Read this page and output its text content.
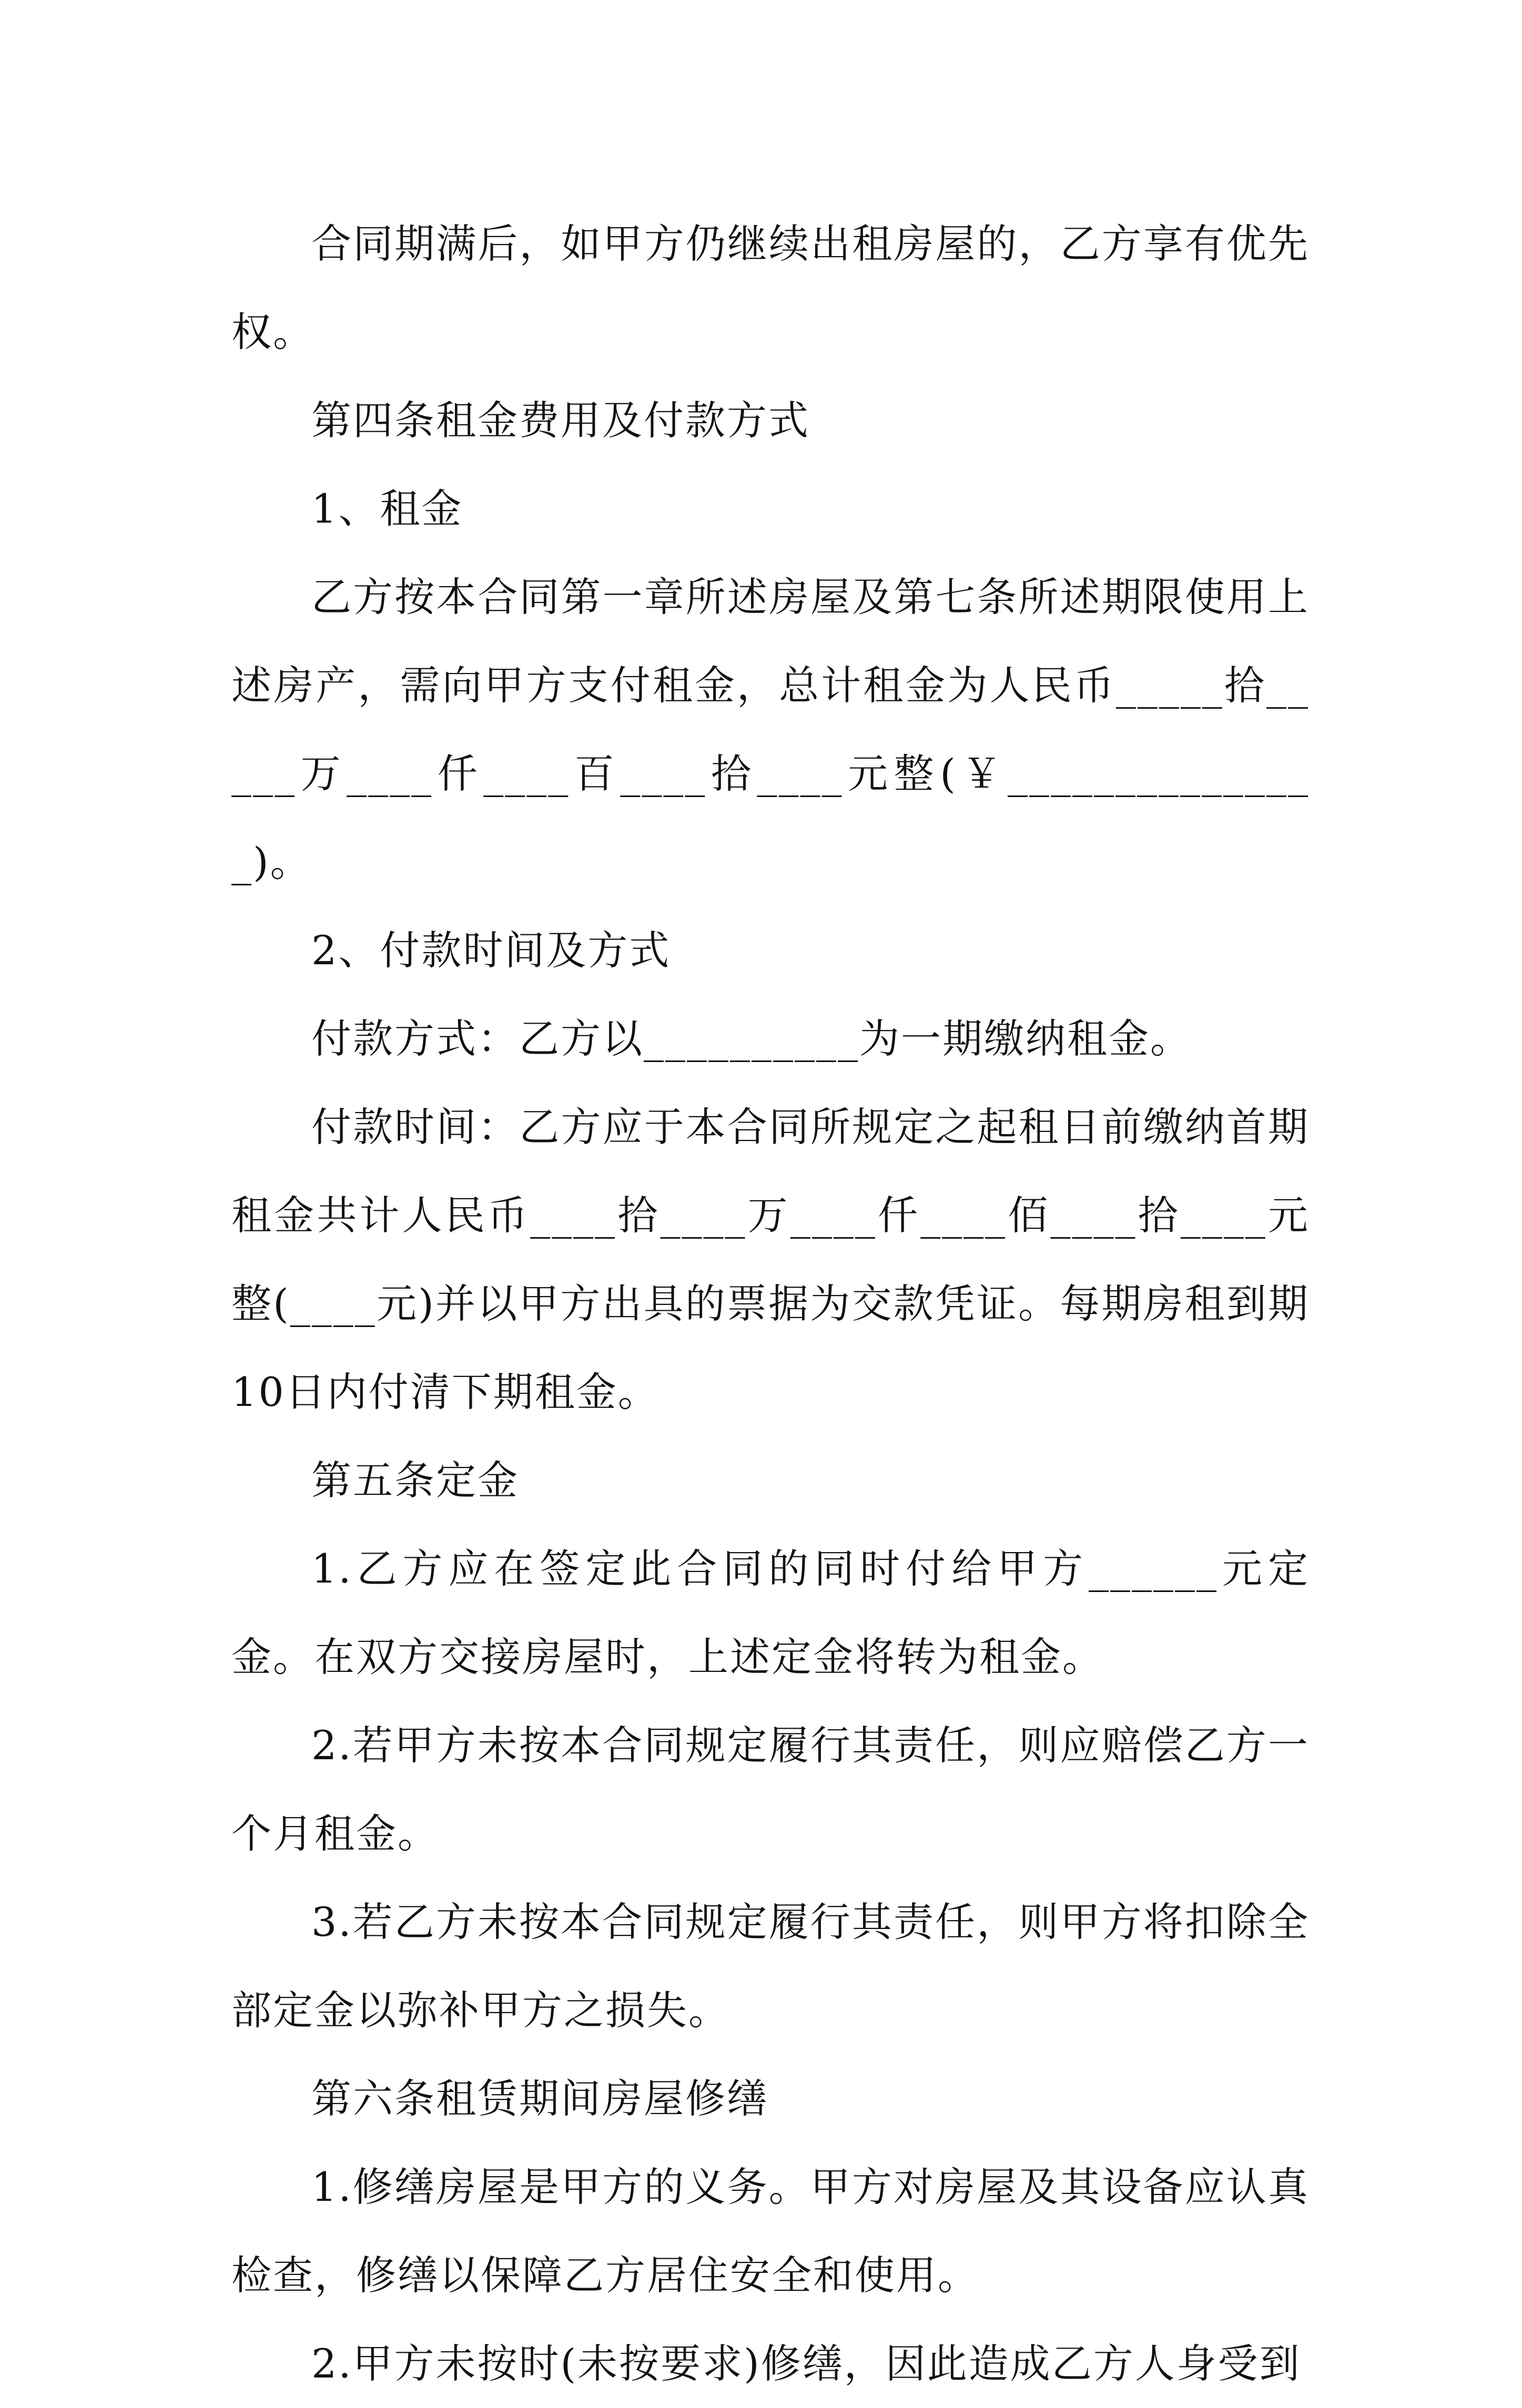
合同期满后，如甲方仍继续出租房屋的，乙方享有优先权。

第四条租金费用及付款方式

1、租金

乙方按本合同第一章所述房屋及第七条所述期限使用上述房产，需向甲方支付租金，总计租金为人民币_____拾_____万____仟____百____拾____元整(￥_______________)。

2、付款时间及方式

付款方式：乙方以__________为一期缴纳租金。

付款时间：乙方应于本合同所规定之起租日前缴纳首期租金共计人民币____拾____万____仟____佰____拾____元整(____元)并以甲方出具的票据为交款凭证。每期房租到期10日内付清下期租金。

第五条定金

1.乙方应在签定此合同的同时付给甲方______元定金。在双方交接房屋时，上述定金将转为租金。

2.若甲方未按本合同规定履行其责任，则应赔偿乙方一个月租金。

3.若乙方未按本合同规定履行其责任，则甲方将扣除全部定金以弥补甲方之损失。

第六条租赁期间房屋修缮

1.修缮房屋是甲方的义务。甲方对房屋及其设备应认真检查，修缮以保障乙方居住安全和使用。

2.甲方未按时(未按要求)修缮，因此造成乙方人身受到
